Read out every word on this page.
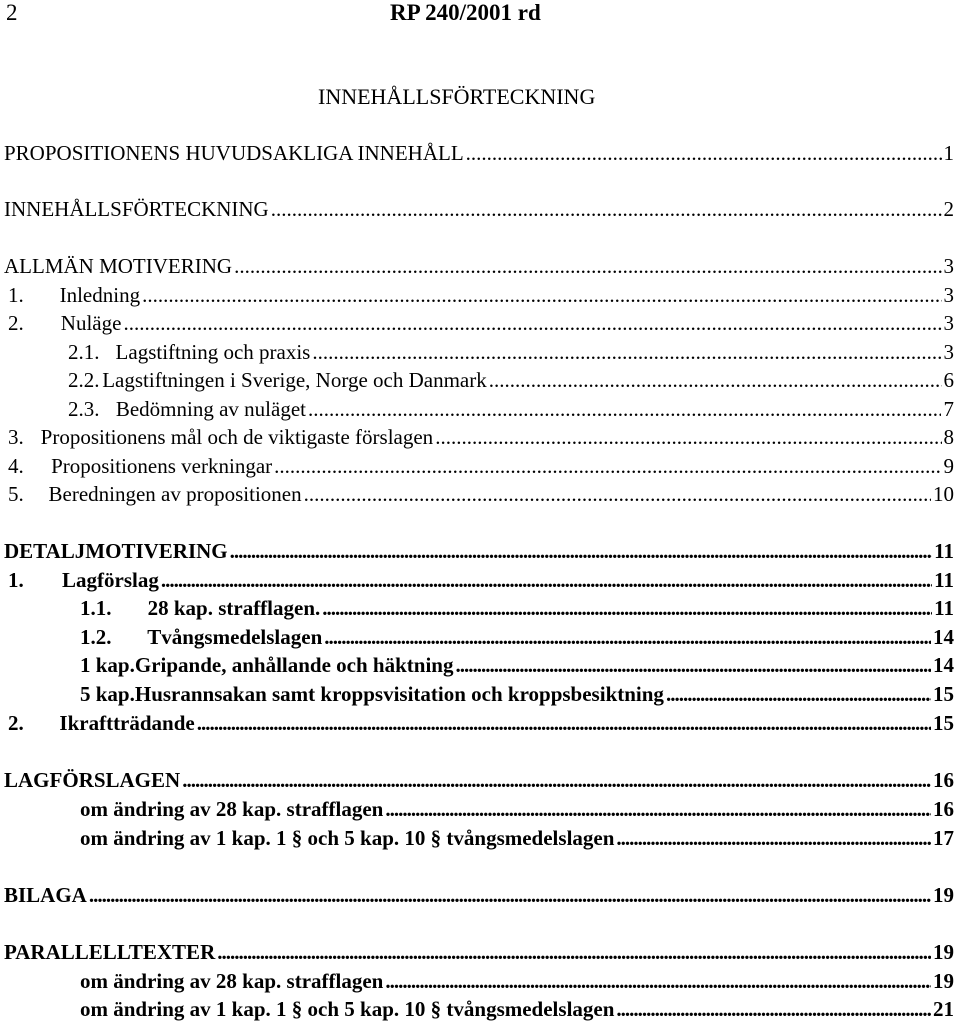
2	RP 240/2001 rd
INNEHÅLLSFÖRTECKNING
PROPOSITIONENS HUVUDSAKLIGA INNEHÅLL .....	1
INNEHÅLLSFÖRTECKNING .....	2
ALLMÄN MOTIVERING .....	3
1.	Inledning .....	3
2.	Nuläge .....	3
2.1. Lagstiftning och praxis .....	3
2.2. Lagstiftningen i Sverige, Norge och Danmark .....	6
2.3. Bedömning av nuläget .....	7
3. Propositionens mål och de viktigaste förslagen .....	8
4.	Propositionens verkningar .....	9
5.	Beredningen av propositionen .....	10
DETALJMOTIVERING .....	11
1.	Lagförslag .....	11
1.1.	28 kap. strafflagen. .....	11
1.2.	Tvångsmedelslagen .....	14
1 kap. Gripande, anhållande och häktning .....	14
5 kap. Husrannsakan samt kroppsvisitation och kroppsbesiktning .....	15
2.	Ikraftträdande .....	15
LAGFÖRSLAGEN .....	16
om ändring av 28 kap. strafflagen .....	16
om ändring av 1 kap. 1 § och 5 kap. 10 § tvångsmedelslagen .....	17
BILAGA .....	19
PARALLELLTEXTER .....	19
om ändring av 28 kap. strafflagen .....	19
om ändring av 1 kap. 1 § och 5 kap. 10 § tvångsmedelslagen .....	21
